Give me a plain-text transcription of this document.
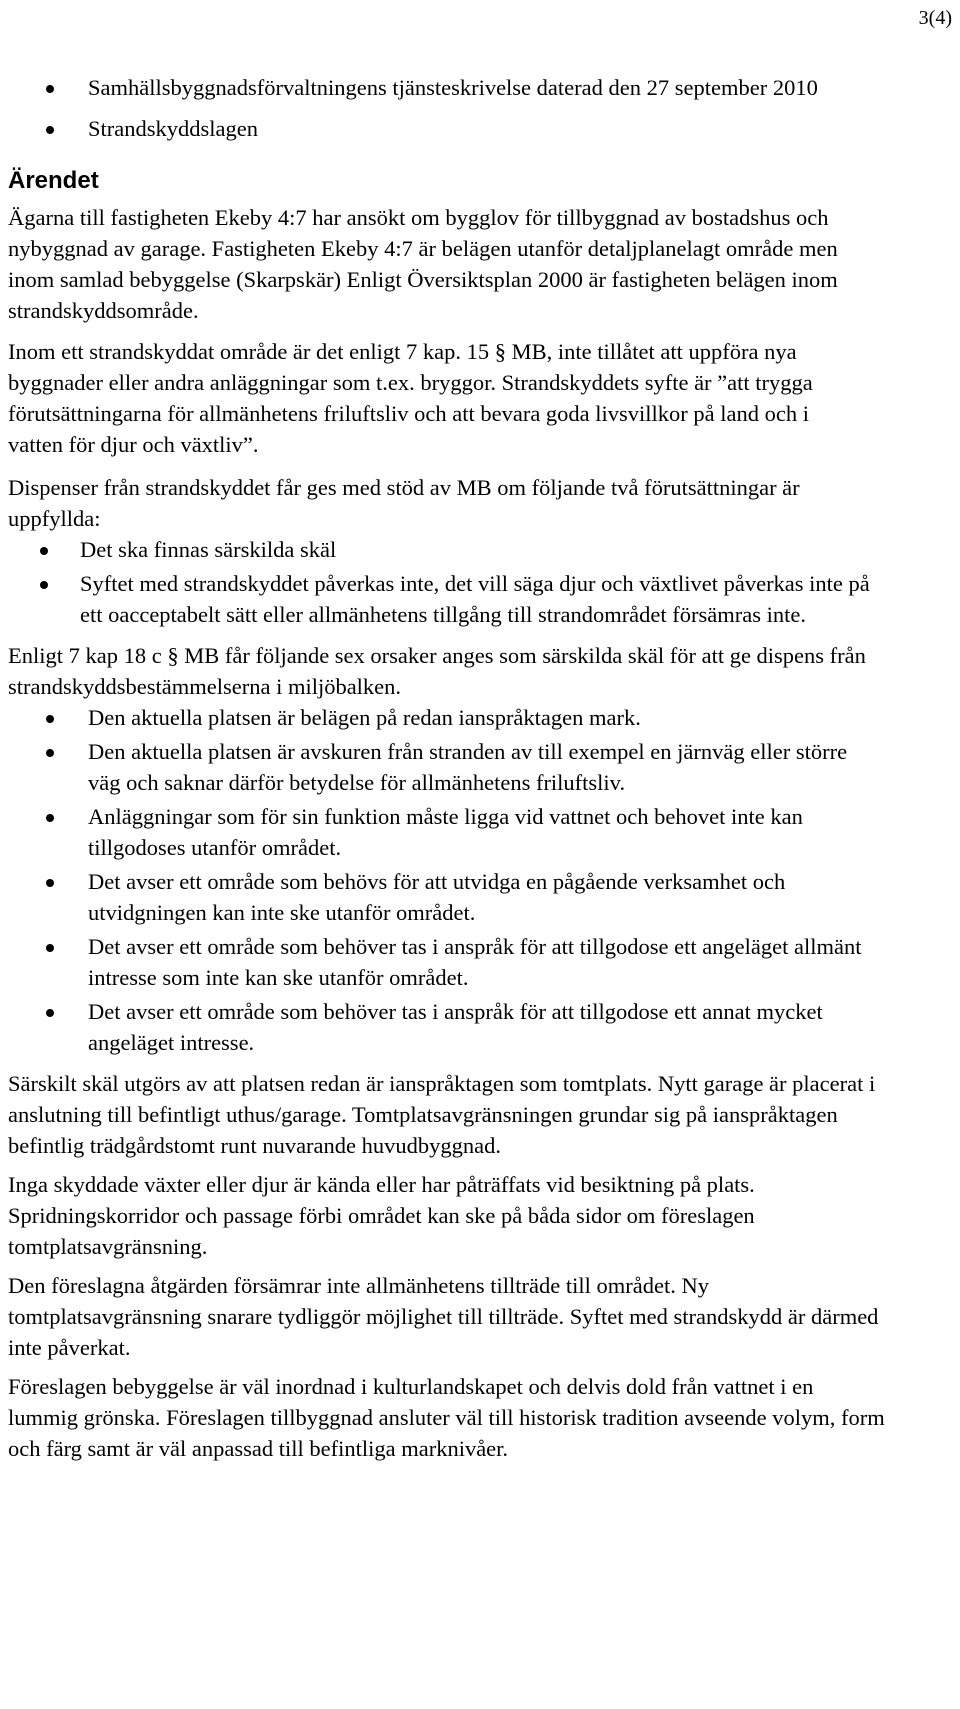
3(4)
Samhällsbyggnadsförvaltningens tjänsteskrivelse daterad den 27 september 2010
Strandskyddslagen
Ärendet

Ägarna till fastigheten Ekeby 4:7 har ansökt om bygglov för tillbyggnad av bostadshus och nybyggnad av garage. Fastigheten Ekeby 4:7 är belägen utanför detaljplanelagt område men inom samlad bebyggelse (Skarpskär) Enligt Översiktsplan 2000 är fastigheten belägen inom strandskyddsområde.

Inom ett strandskyddat område är det enligt 7 kap. 15 § MB, inte tillåtet att uppföra nya byggnader eller andra anläggningar som t.ex. bryggor. Strandskyddets syfte är ”att trygga förutsättningarna för allmänhetens friluftsliv och att bevara goda livsvillkor på land och i vatten för djur och växtliv”.

Dispenser från strandskyddet får ges med stöd av MB om följande två förutsättningar är uppfyllda:

Det ska finnas särskilda skäl
Syftet med strandskyddet påverkas inte, det vill säga djur och växtlivet påverkas inte på ett oacceptabelt sätt eller allmänhetens tillgång till strandområdet försämras inte.

Enligt 7 kap 18 c § MB får följande sex orsaker anges som särskilda skäl för att ge dispens från strandskyddsbestämmelserna i miljöbalken.

Den aktuella platsen är belägen på redan ianspråktagen mark.
Den aktuella platsen är avskuren från stranden av till exempel en järnväg eller större väg och saknar därför betydelse för allmänhetens friluftsliv.
Anläggningar som för sin funktion måste ligga vid vattnet och behovet inte kan tillgodoses utanför området.
Det avser ett område som behövs för att utvidga en pågående verksamhet och utvidgningen kan inte ske utanför området.
Det avser ett område som behöver tas i anspråk för att tillgodose ett angeläget allmänt intresse som inte kan ske utanför området.
Det avser ett område som behöver tas i anspråk för att tillgodose ett annat mycket angeläget intresse.

Särskilt skäl utgörs av att platsen redan är ianspråktagen som tomtplats. Nytt garage är placerat i anslutning till befintligt uthus/garage. Tomtplatsavgränsningen grundar sig på ianspråktagen befintlig trädgårdstomt runt nuvarande huvudbyggnad.

Inga skyddade växter eller djur är kända eller har påträffats vid besiktning på plats. Spridningskorridor och passage förbi området kan ske på båda sidor om föreslagen tomtplatsavgränsning.

Den föreslagna åtgärden försämrar inte allmänhetens tillträde till området. Ny tomtplatsavgränsning snarare tydliggör möjlighet till tillträde. Syftet med strandskydd är därmed inte påverkat.

Föreslagen bebyggelse är väl inordnad i kulturlandskapet och delvis dold från vattnet i en lummig grönska. Föreslagen tillbyggnad ansluter väl till historisk tradition avseende volym, form och färg samt är väl anpassad till befintliga marknivåer.
